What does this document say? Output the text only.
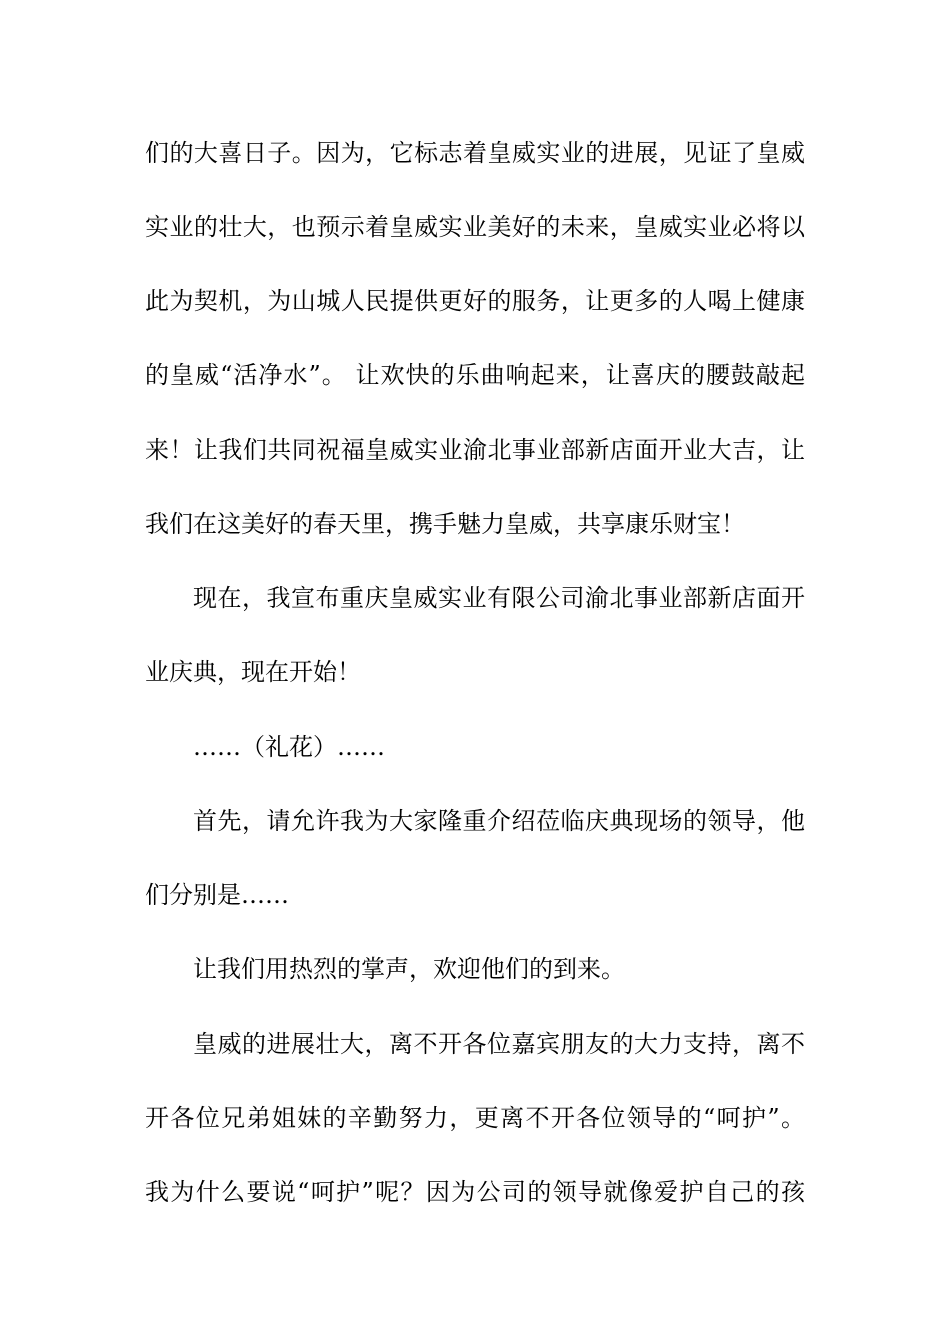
们的大喜日子。因为，它标志着皇威实业的进展，见证了皇威
实业的壮大，也预示着皇威实业美好的未来，皇威实业必将以
此为契机，为山城人民提供更好的服务，让更多的人喝上健康
的皇威“活净水”。 让欢快的乐曲响起来，让喜庆的腰鼓敲起
来！让我们共同祝福皇威实业渝北事业部新店面开业大吉，让
我们在这美好的春天里，携手魅力皇威，共享康乐财宝！
现在，我宣布重庆皇威实业有限公司渝北事业部新店面开
业庆典，现在开始！
……（礼花）……
首先，请允许我为大家隆重介绍莅临庆典现场的领导，他
们分别是……
让我们用热烈的掌声，欢迎他们的到来。
皇威的进展壮大，离不开各位嘉宾朋友的大力支持，离不
开各位兄弟姐妹的辛勤努力，更离不开各位领导的“呵护”。
我为什么要说“呵护”呢？因为公司的领导就像爱护自己的孩
